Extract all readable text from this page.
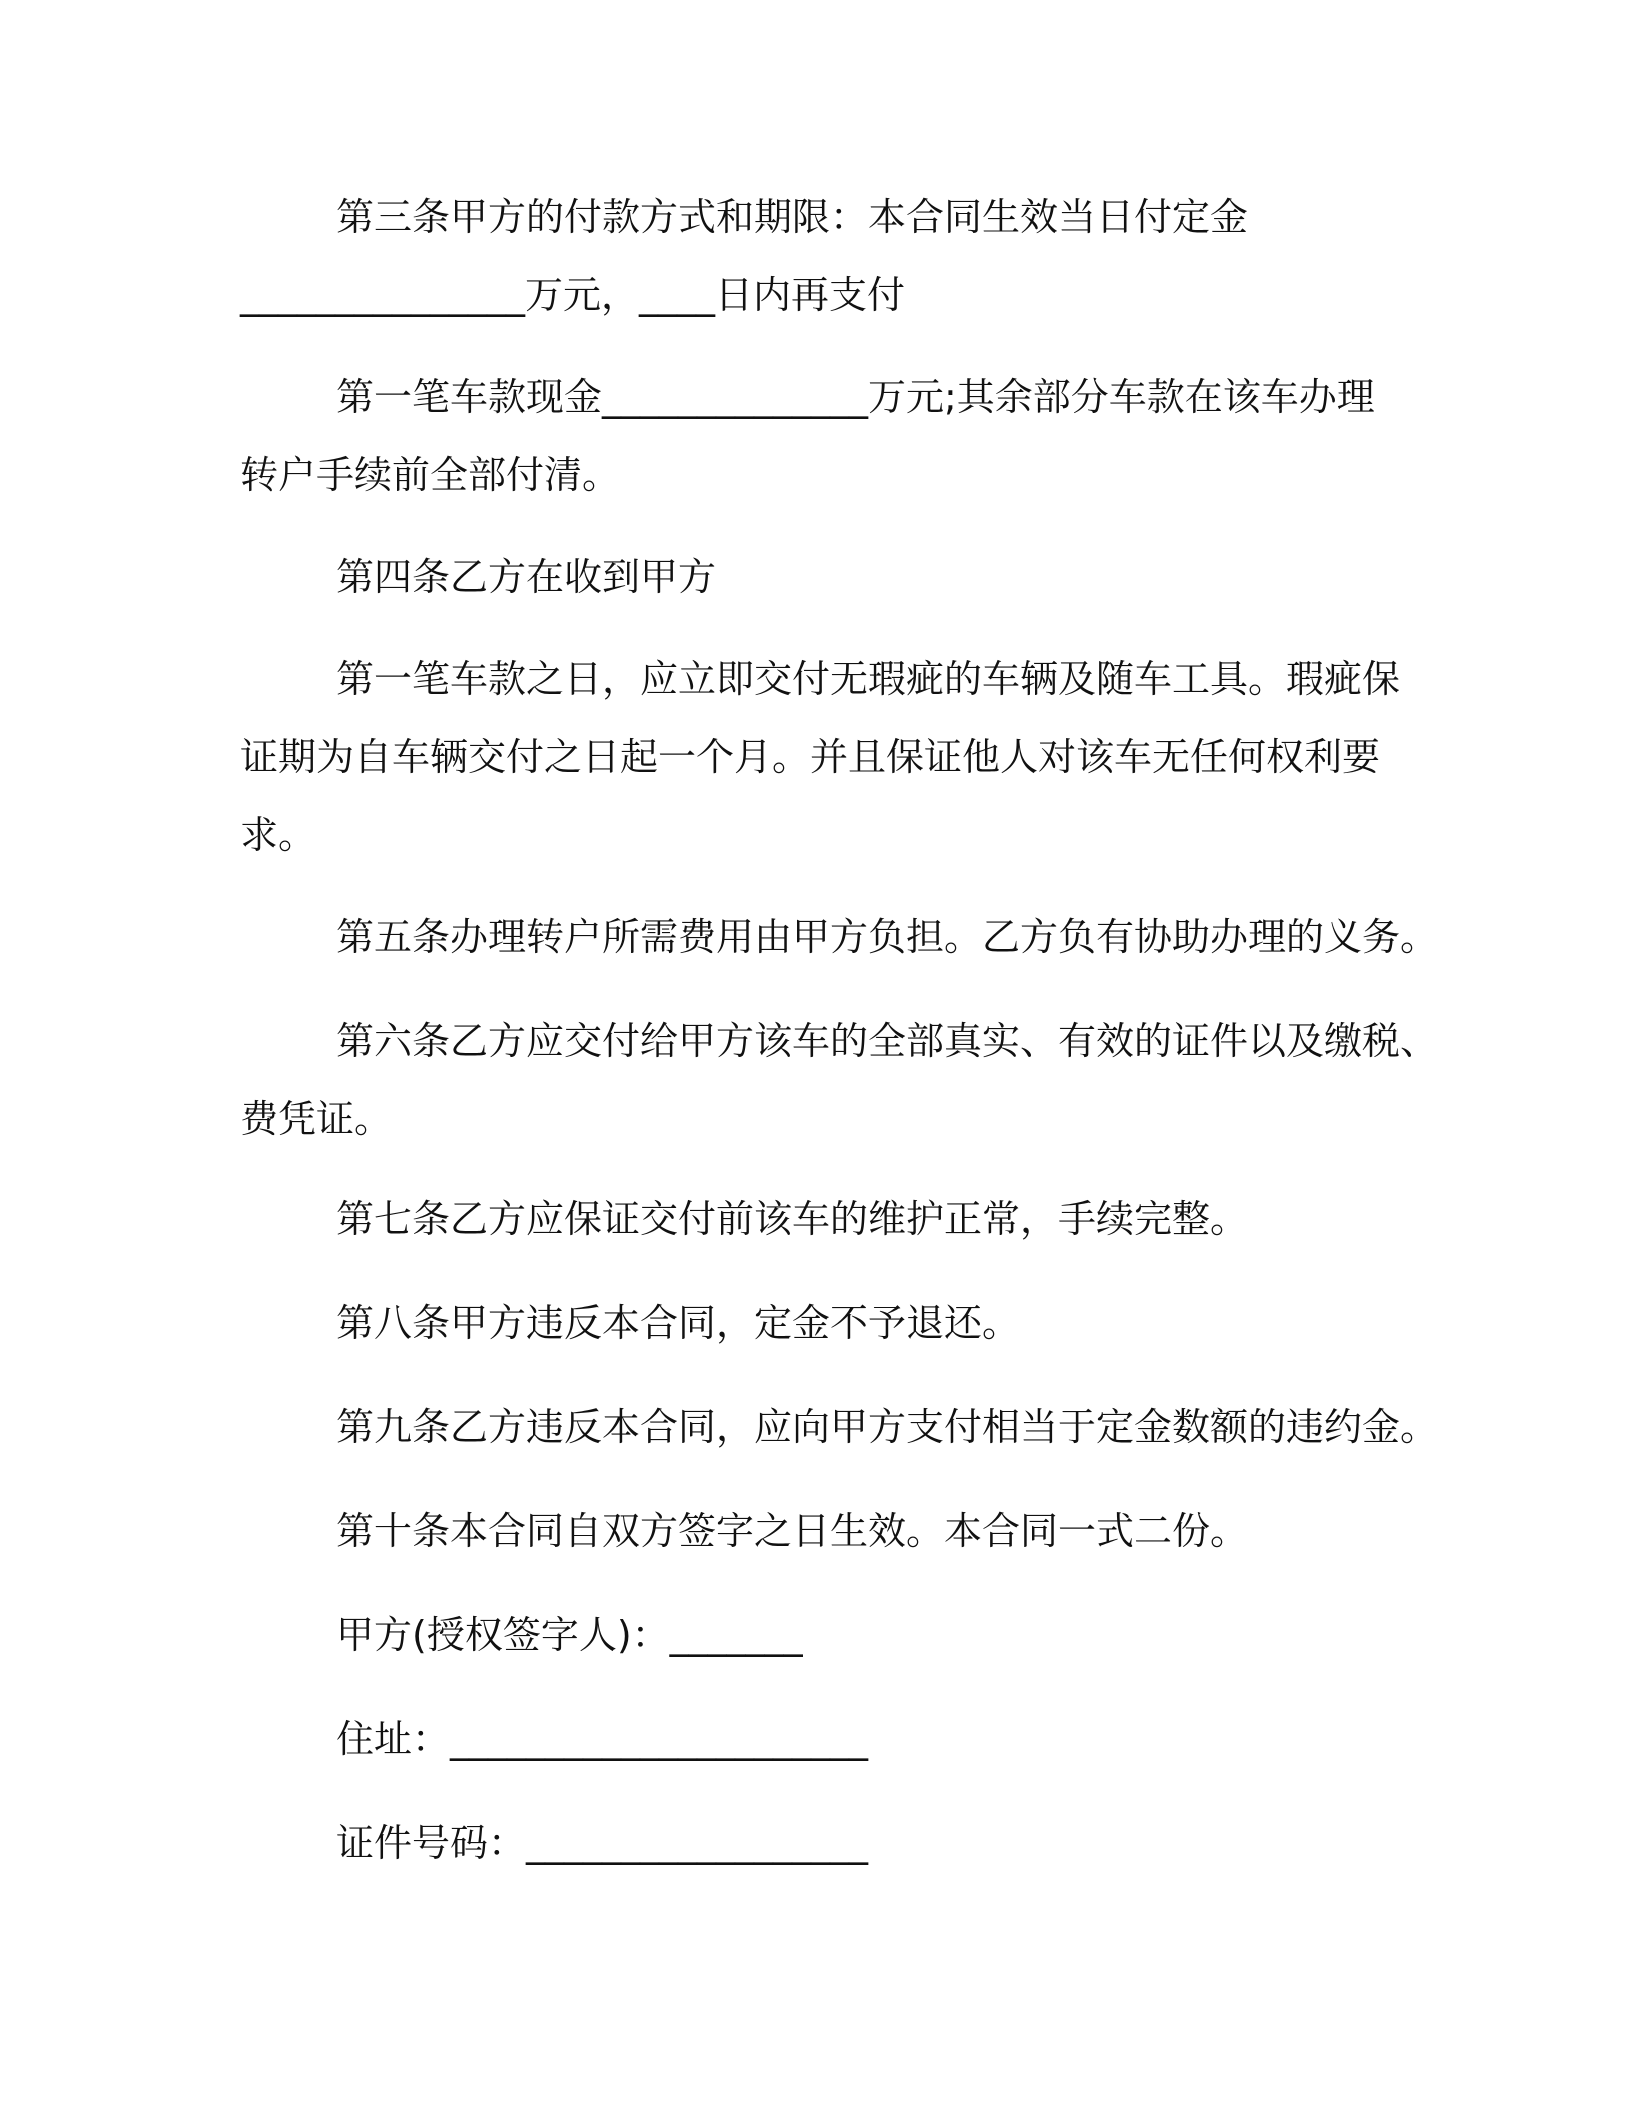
第三条甲方的付款方式和期限：本合同生效当日付定金
_______________万元，____日内再支付
第一笔车款现金______________万元;其余部分车款在该车办理
转户手续前全部付清。
第四条乙方在收到甲方
第一笔车款之日，应立即交付无瑕疵的车辆及随车工具。瑕疵保
证期为自车辆交付之日起一个月。并且保证他人对该车无任何权利要
求。
第五条办理转户所需费用由甲方负担。乙方负有协助办理的义务。
第六条乙方应交付给甲方该车的全部真实、有效的证件以及缴税、
费凭证。
第七条乙方应保证交付前该车的维护正常，手续完整。
第八条甲方违反本合同，定金不予退还。
第九条乙方违反本合同，应向甲方支付相当于定金数额的违约金。
第十条本合同自双方签字之日生效。本合同一式二份。
甲方(授权签字人)：_______
住址：______________________
证件号码：__________________
